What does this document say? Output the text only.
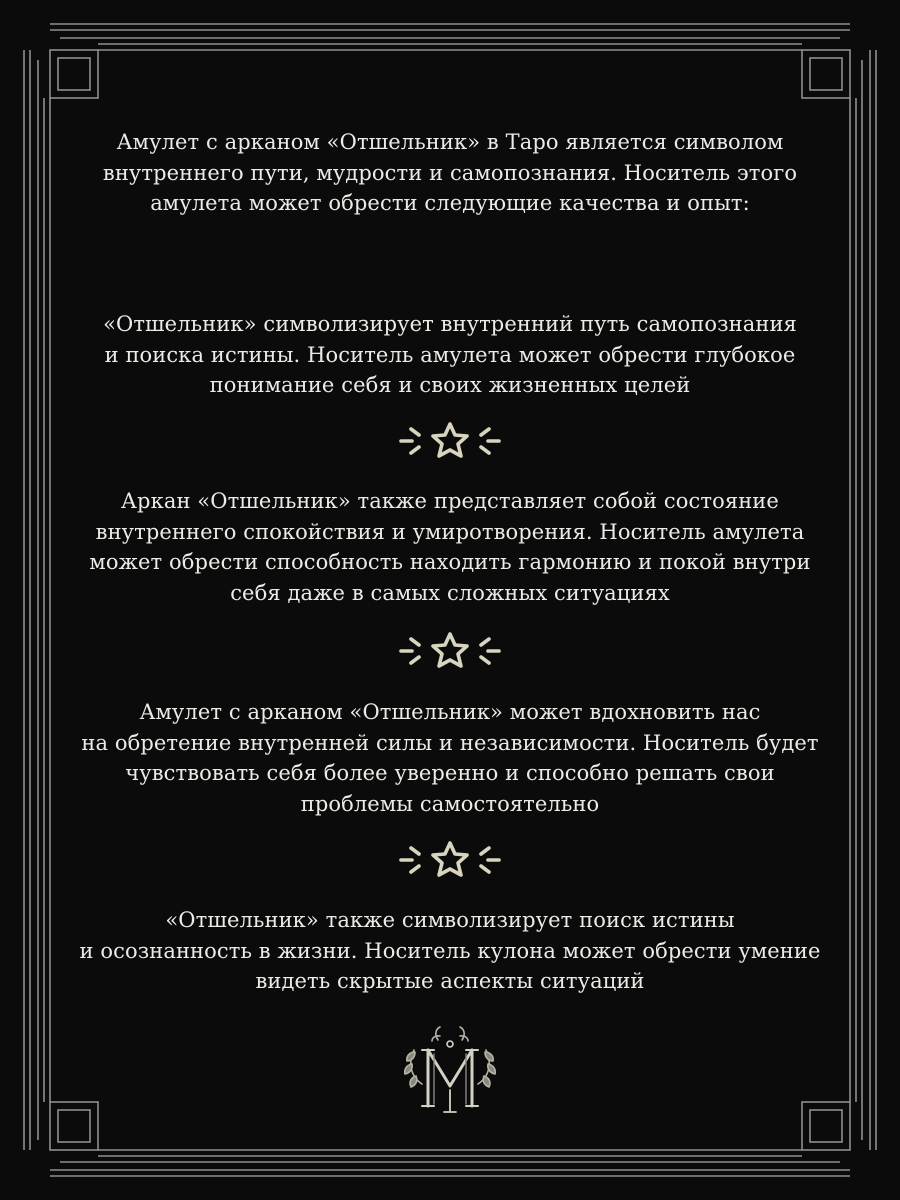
Амулет с арканом «Отшельник» в Таро является символом
внутреннего пути, мудрости и самопознания. Носитель этого
амулета может обрести следующие качества и опыт:

«Отшельник» символизирует внутренний путь самопознания
и поиска истины. Носитель амулета может обрести глубокое
понимание себя и своих жизненных целей

Аркан «Отшельник» также представляет собой состояние
внутреннего спокойствия и умиротворения. Носитель амулета
может обрести способность находить гармонию и покой внутри
себя даже в самых сложных ситуациях

Амулет с арканом «Отшельник» может вдохновить нас
на обретение внутренней силы и независимости. Носитель будет
чувствовать себя более уверенно и способно решать свои
проблемы самостоятельно

«Отшельник» также символизирует поиск истины
и осознанность в жизни. Носитель кулона может обрести умение
видеть скрытые аспекты ситуаций
